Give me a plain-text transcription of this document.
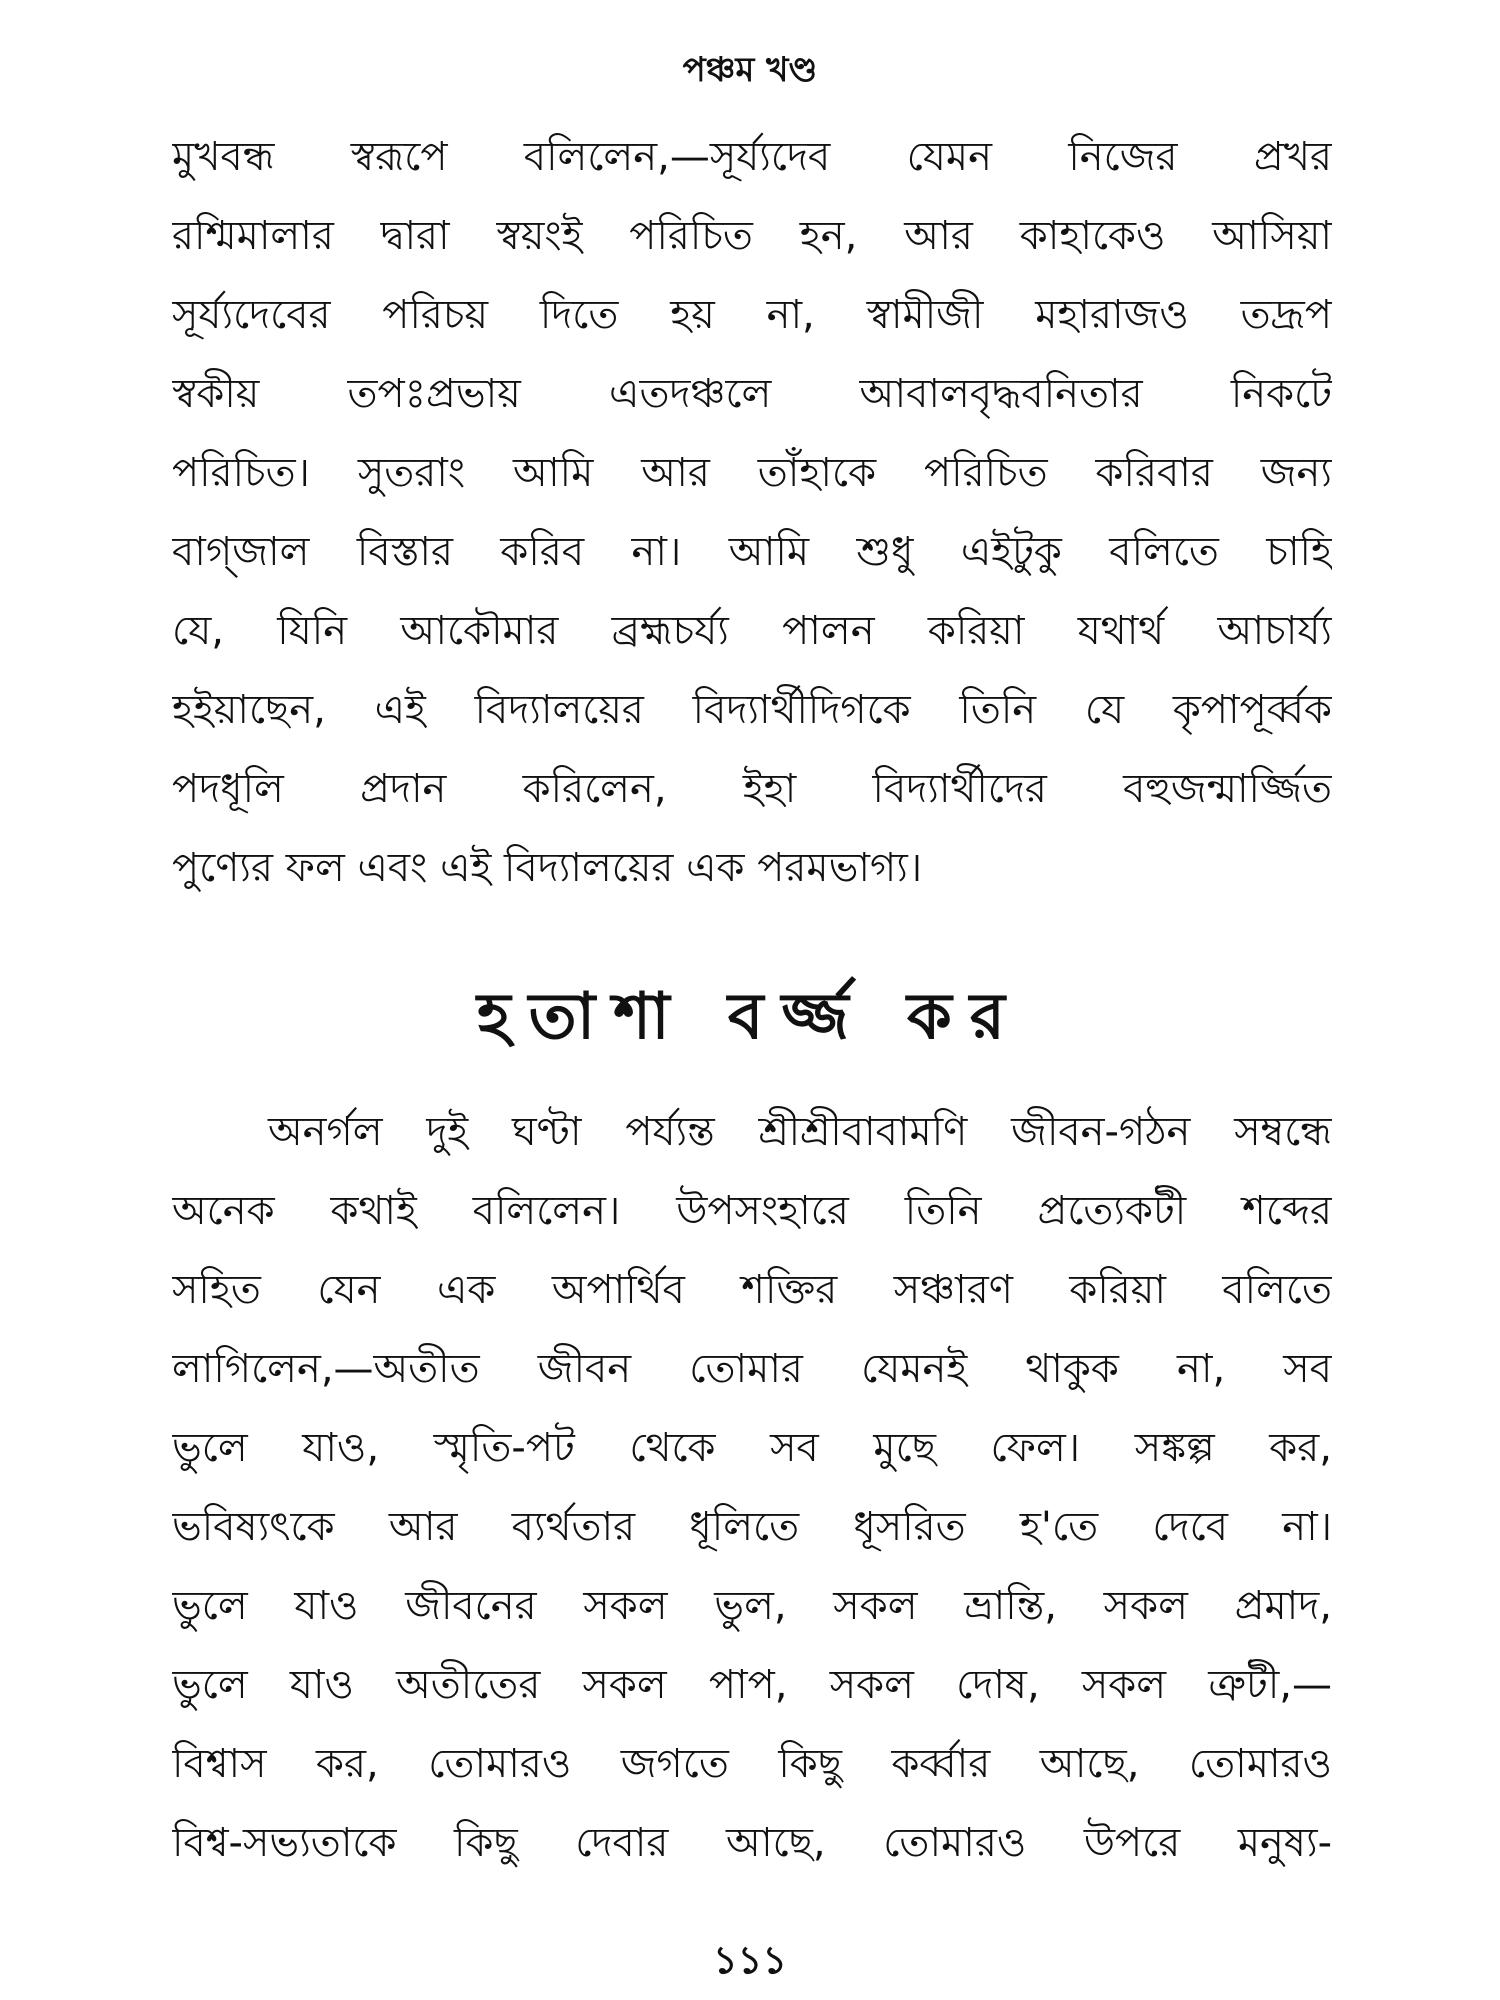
পঞ্চম খণ্ড
মুখবন্ধ স্বরূপে বলিলেন,—সূর্য্যদেব যেমন নিজের প্রখর
রশ্মিমালার দ্বারা স্বয়ংই পরিচিত হন, আর কাহাকেও আসিয়া
সূর্য্যদেবের পরিচয় দিতে হয় না, স্বামীজী মহারাজও তদ্রূপ
স্বকীয় তপঃপ্রভায় এতদঞ্চলে আবালবৃদ্ধবনিতার নিকটে
পরিচিত। সুতরাং আমি আর তাঁহাকে পরিচিত করিবার জন্য
বাগ্‌জাল বিস্তার করিব না। আমি শুধু এইটুকু বলিতে চাহি
যে, যিনি আকৌমার ব্রহ্মচর্য্য পালন করিয়া যথার্থ আচার্য্য
হইয়াছেন, এই বিদ্যালয়ের বিদ্যার্থীদিগকে তিনি যে কৃপাপূর্ব্বক
পদধূলি প্রদান করিলেন, ইহা বিদ্যার্থীদের বহুজন্মার্জ্জিত
পুণ্যের ফল এবং এই বিদ্যালয়ের এক পরমভাগ্য।
হতাশা বর্জ্জ কর
অনর্গল দুই ঘণ্টা পর্য্যন্ত শ্রীশ্রীবাবামণি জীবন-গঠন সম্বন্ধে
অনেক কথাই বলিলেন। উপসংহারে তিনি প্রত্যেকটী শব্দের
সহিত যেন এক অপার্থিব শক্তির সঞ্চারণ করিয়া বলিতে
লাগিলেন,—অতীত জীবন তোমার যেমনই থাকুক না, সব
ভুলে যাও, স্মৃতি-পট থেকে সব মুছে ফেল। সঙ্কল্প কর,
ভবিষ্যৎকে আর ব্যর্থতার ধূলিতে ধূসরিত হ'তে দেবে না।
ভুলে যাও জীবনের সকল ভুল, সকল ভ্রান্তি, সকল প্রমাদ,
ভুলে যাও অতীতের সকল পাপ, সকল দোষ, সকল ত্রুটী,—
বিশ্বাস কর, তোমারও জগতে কিছু কর্ব্বার আছে, তোমারও
বিশ্ব-সভ্যতাকে কিছু দেবার আছে, তোমারও উপরে মনুষ্য-
১১১
